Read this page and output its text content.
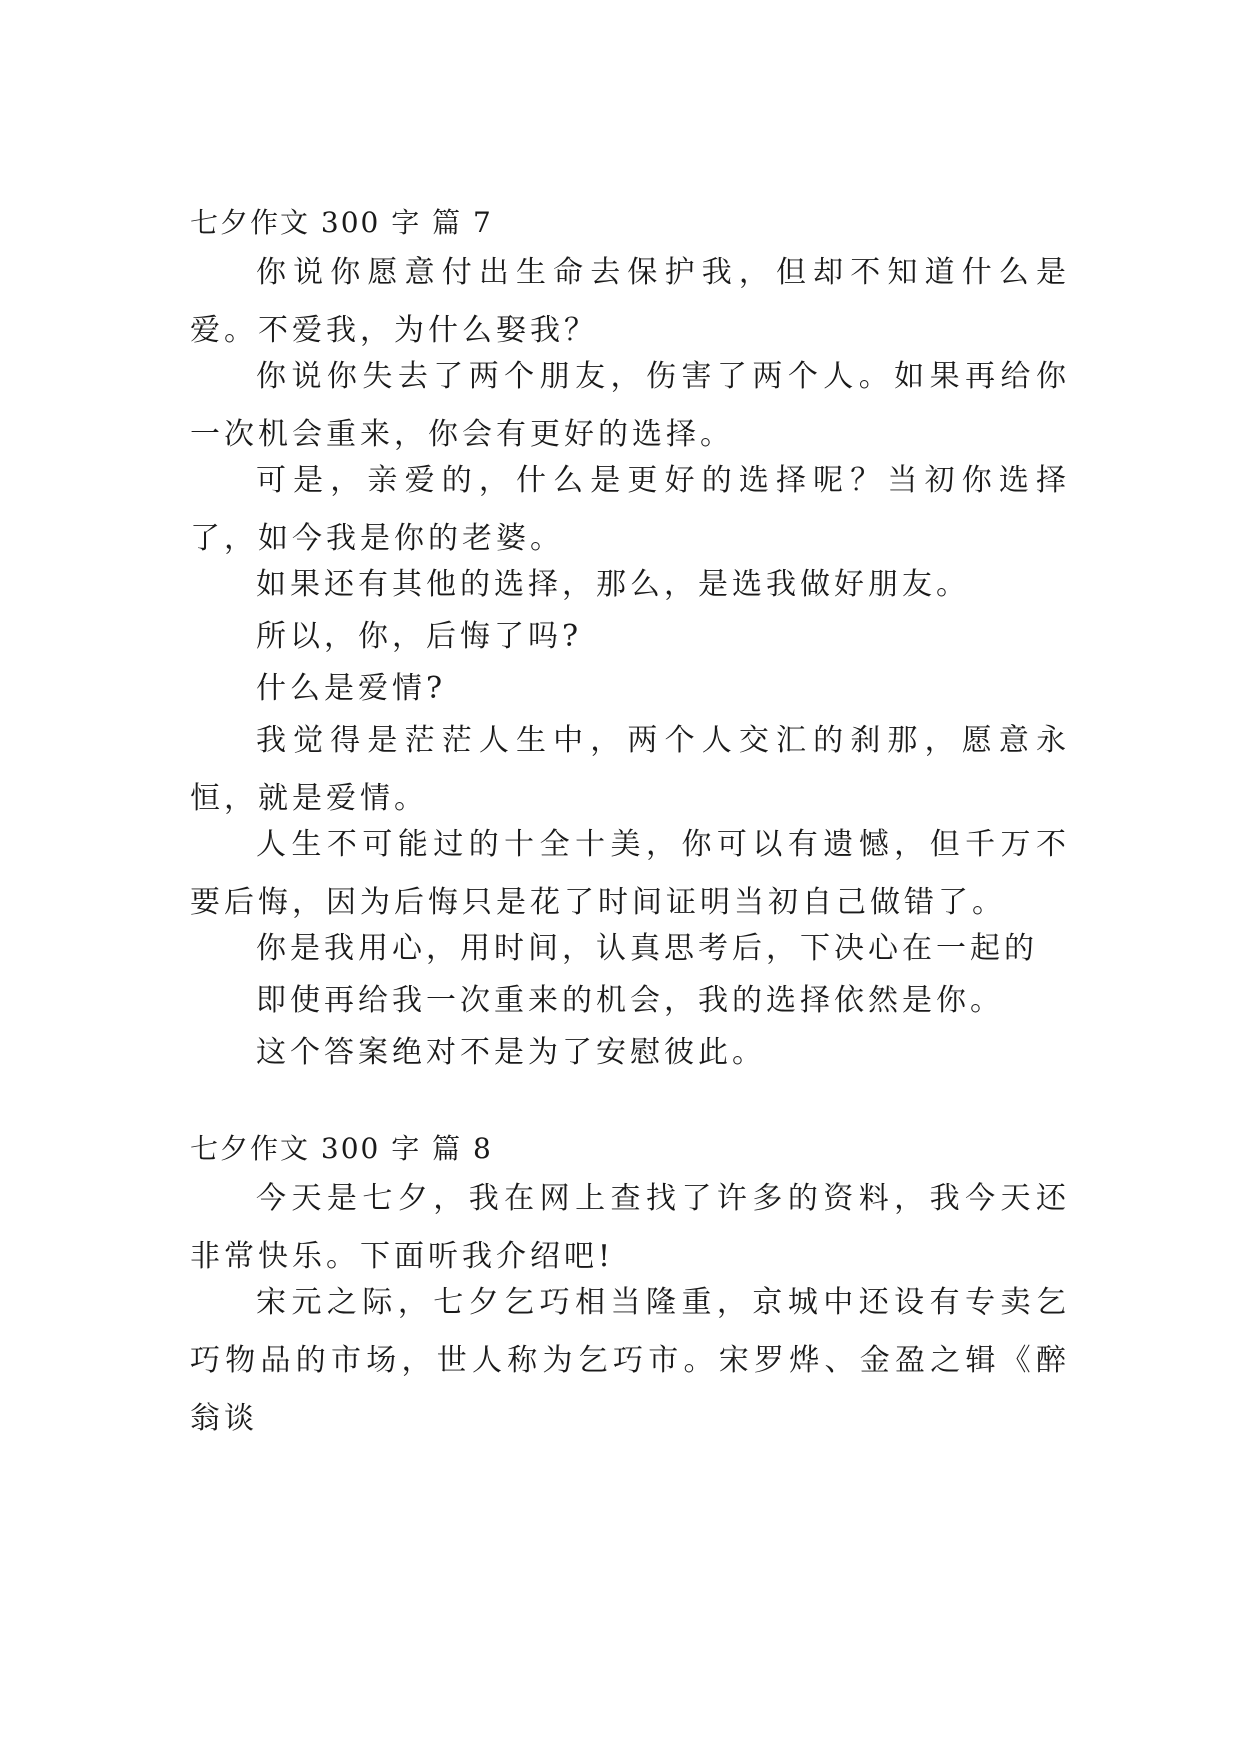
七夕作文 300 字 篇 7

你说你愿意付出生命去保护我，但却不知道什么是爱。不爱我，为什么娶我？

你说你失去了两个朋友，伤害了两个人。如果再给你一次机会重来，你会有更好的选择。

可是，亲爱的，什么是更好的选择呢？当初你选择了，如今我是你的老婆。

如果还有其他的选择，那么，是选我做好朋友。

所以，你，后悔了吗?

什么是爱情?

我觉得是茫茫人生中，两个人交汇的刹那，愿意永恒，就是爱情。

人生不可能过的十全十美，你可以有遗憾，但千万不要后悔，因为后悔只是花了时间证明当初自己做错了。

你是我用心，用时间，认真思考后，下决心在一起的

即使再给我一次重来的机会，我的选择依然是你。

这个答案绝对不是为了安慰彼此。

七夕作文 300 字 篇 8

今天是七夕，我在网上查找了许多的资料，我今天还非常快乐。下面听我介绍吧!

宋元之际，七夕乞巧相当隆重，京城中还设有专卖乞巧物品的市场，世人称为乞巧市。宋罗烨、金盈之辑《醉翁谈
